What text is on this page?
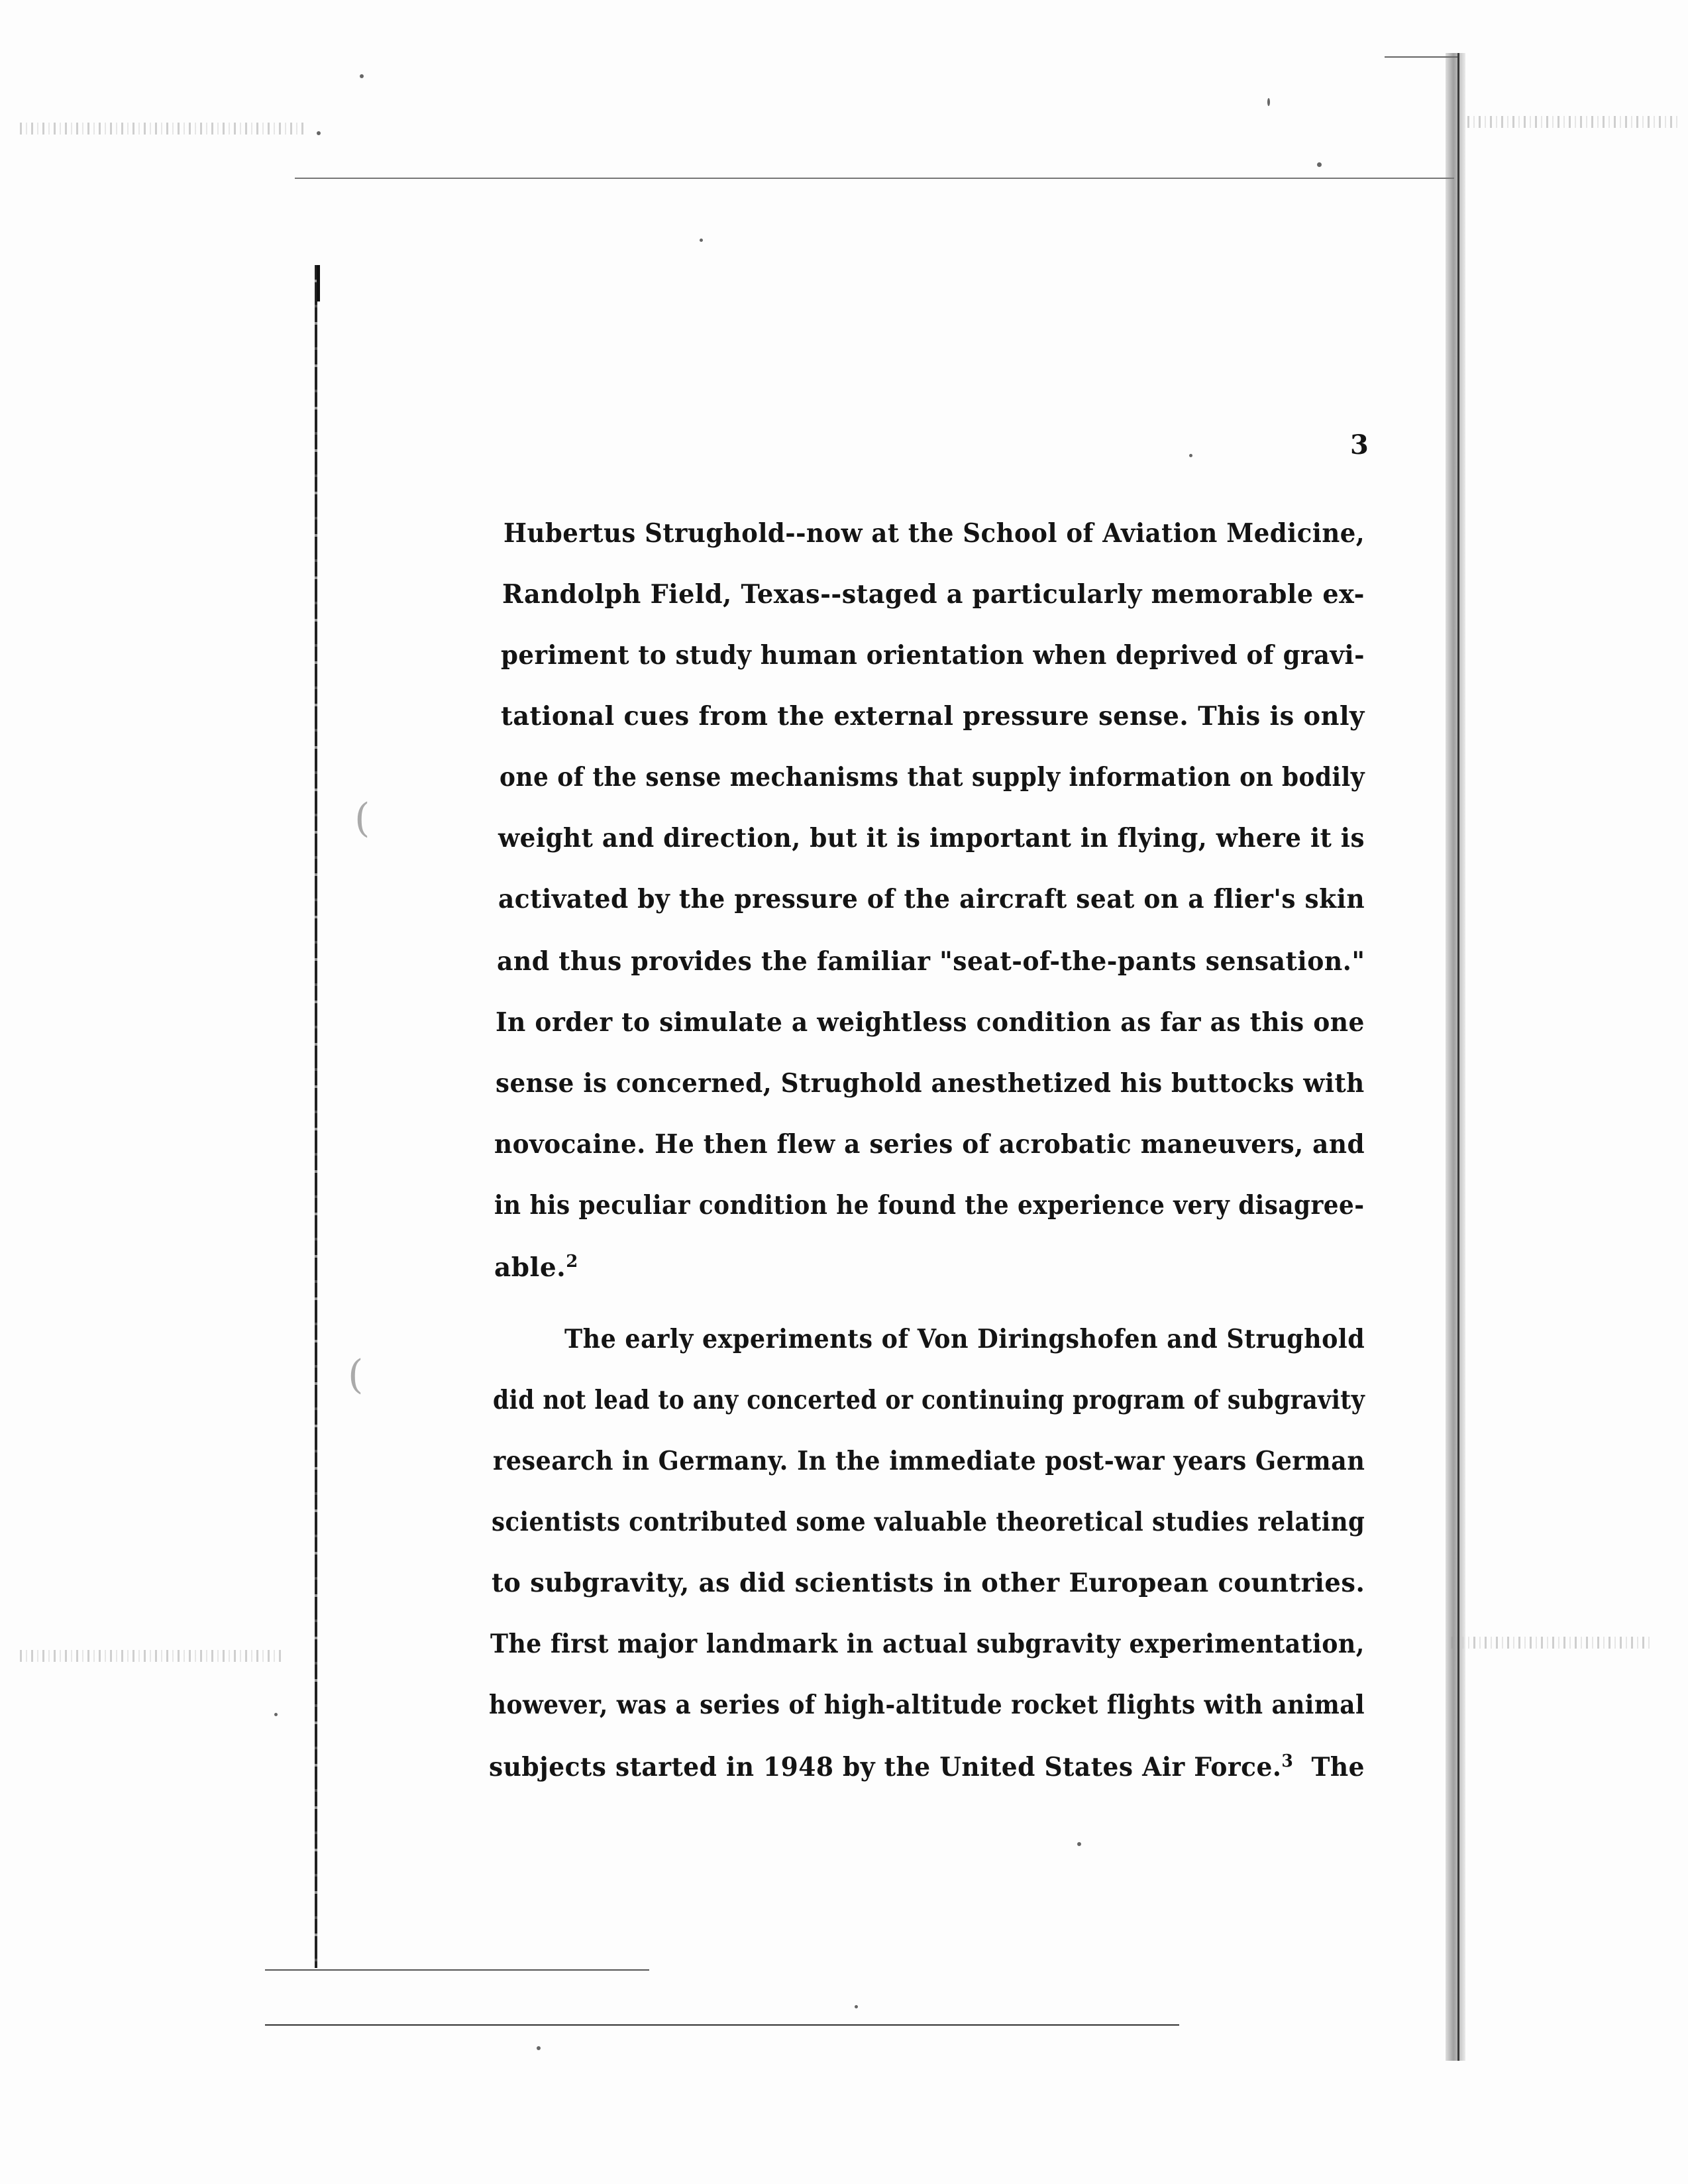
(
(
3
Hubertus Strughold--now at the School of Aviation Medicine,
Randolph Field, Texas--staged a particularly memorable ex-
periment to study human orientation when deprived of gravi-
tational cues from the external pressure sense. This is only
one of the sense mechanisms that supply information on bodily
weight and direction, but it is important in flying, where it is
activated by the pressure of the aircraft seat on a flier's skin
and thus provides the familiar "seat-of-the-pants sensation."
In order to simulate a weightless condition as far as this one
sense is concerned, Strughold anesthetized his buttocks with
novocaine. He then flew a series of acrobatic maneuvers, and
in his peculiar condition he found the experience very disagree-
able.$^2$
The early experiments of Von Diringshofen and Strughold
did not lead to any concerted or continuing program of subgravity
research in Germany. In the immediate post-war years German
scientists contributed some valuable theoretical studies relating
to subgravity, as did scientists in other European countries.
The first major landmark in actual subgravity experimentation,
however, was a series of high-altitude rocket flights with animal
subjects started in 1948 by the United States Air Force.$^3$ The
